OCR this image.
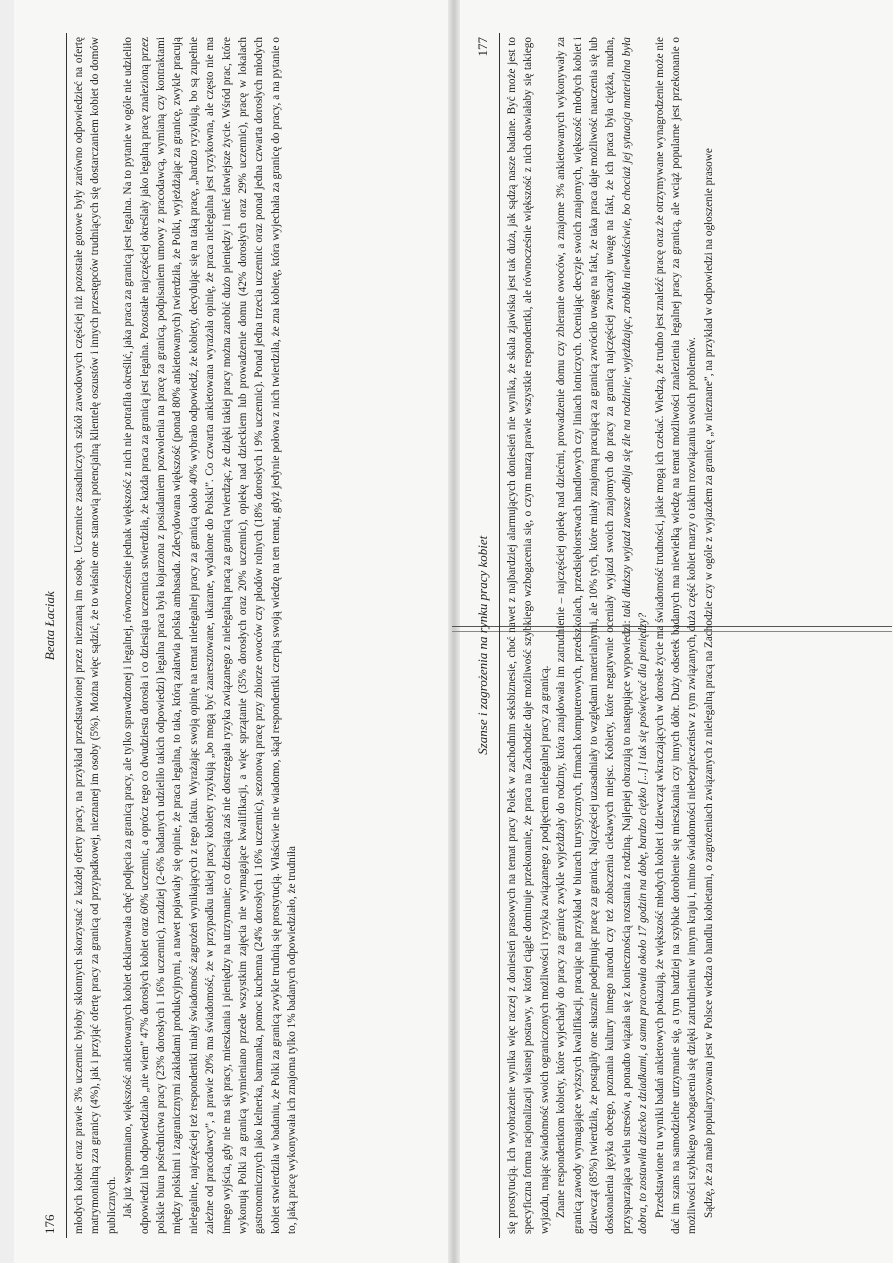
176
Beata Łaciak młodych kobiet oraz prawie 3% uczennic byłoby skłonnych skorzystać z każdej oferty pracy, na przykład przedstawionej przez nieznaną im osobę. Uczennice zasadniczych szkół zawodowych częściej niż pozostałe gotowe były zarówno odpowiedzieć na ofertę matrymonialną zza granicy (4%), jak i przyjąć ofertę pracy za granicą od przypadkowej, nieznanej im osoby (5%). Można więc sądzić, że to właśnie one stanowią potencjalną klientelę oszustów i innych przestępców trudniących się dostarczaniem kobiet do domów publicznych. Jak już wspomniano, większość ankietowanych kobiet deklarowała chęć podjęcia za granicą pracy, ale tylko sprawdzonej i legalnej, równocześnie jednak większość z nich nie potrafiła określić, jaka praca za granicą jest legalna. Na to pytanie w ogóle nie udzieliło odpowiedzi lub odpowiedziało „nie wiem” 47% dorosłych kobiet oraz 60% uczennic, a oprócz tego co dwudziesta dorosła i co dziesiąta uczennica stwierdziła, że każda praca za granicą jest legalna. Pozostałe najczęściej określały jako legalną pracę znalezioną przez polskie biura pośrednictwa pracy (23% dorosłych i 16% uczennic), rzadziej (2-6% badanych udzieliło takich odpowiedzi) legalna praca była kojarzona z posiadaniem pozwolenia na pracę za granicą, podpisaniem umowy z pracodawcą, wymianą czy kontraktami między polskimi i zagranicznymi zakładami produkcyjnymi, a nawet pojawiały się opinie, że praca legalna, to taka, którą załatwia polska ambasada. Zdecydowana większość (ponad 80% ankietowanych) twierdziła, że Polki, wyjeżdżając za granicę, zwykle pracują nielegalnie, najczęściej też respondentki miały świadomość zagrożeń wynikających z tego faktu. Wyrażając swoją opinię na temat nielegalnej pracy za granicą około 40% wybrało odpowiedź, że kobiety, decydując się na taką pracę, „bardzo ryzykują, bo są zupełnie zależne od pracodawcy”, a prawie 20% ma świadomość, że w przypadku takiej pracy kobiety ryzykują „bo mogą być zaaresztowane, ukarane, wydalone do Polski”. Co czwarta ankietowana wyrażała opinię, że praca nielegalna jest ryzykowna, ale często nie ma innego wyjścia, gdy nie ma się pracy, mieszkania i pieniędzy na utrzymanie; co dziesiąta zaś nie dostrzegała ryzyka związanego z nielegalną pracą za granicą twierdząc, że dzięki takiej pracy można zarobić dużo pieniędzy i mieć łatwiejsze życie. Wśród prac, które wykonują Polki za granicą wymieniano przede wszystkim zajęcia nie wymagające kwalifikacji, a więc sprzątanie (35% dorosłych oraz 20% uczennic), opiekę nad dzieckiem lub prowadzenie domu (42% dorosłych oraz 29% uczennic), pracę w lokalach gastronomicznych jako kelnerka, barmanka, pomoc kuchenna (24% dorosłych i 16% uczennic), sezonową pracę przy zbiorze owoców czy płodów rolnych (18% dorosłych i 9% uczennic). Ponad jedna trzecia uczennic oraz ponad jedna czwarta dorosłych młodych kobiet stwierdziła w badaniu, że Polki za granicą zwykle trudnią się prostytucją. Właściwie nie wiadomo, skąd respondentki czerpią swoją wiedzę na ten temat, gdyż jedynie połowa z nich twierdziła, że zna kobietę, która wyjechała za granicę do pracy, a na pytanie o to, jaką pracę wykonywała ich znajoma tylko 1% badanych odpowiedziało, że trudniła

Szanse i zagrożenia na rynku pracy kobiet
177 się prostytucją. Ich wyobrażenie wynika więc raczej z doniesień prasowych na temat pracy Polek w zachodnim seksbiznesie, choć nawet z najbardziej alarmujących doniesień nie wynika, że skala zjawiska jest tak duża, jak sądzą nasze badane. Być może jest to specyficzna forma racjonalizacji własnej postawy, w której ciągle dominuje przekonanie, że praca na Zachodzie daje możliwość szybkiego wzbogacenia się, o czym marzą prawie wszystkie respondentki, ale równocześnie większość z nich obawiałaby się takiego wyjazdu, mając świadomość swoich ograniczonych możliwości i ryzyka związanego z podjęciem nielegalnej pracy za granicą. Znane respondentkom kobiety, które wyjechały do pracy za granicę zwykle wyjeżdżały do rodziny, która znajdowała im zatrudnienie – najczęściej opiekę nad dziećmi, prowadzenie domu czy zbieranie owoców, a znajome 3% ankietowanych wykonywały za granicą zawody wymagające wyższych kwalifikacji, pracując na przykład w biurach turystycznych, firmach komputerowych, przedszkolach, przedsiębiorstwach handlowych czy liniach lotniczych. Oceniając decyzje swoich znajomych, większość młodych kobiet i dziewcząt (85%) twierdziła, że postąpiły one słusznie podejmując pracę za granicą. Najczęściej uzasadniały to względami materialnymi, ale 10% tych, które miały znajomą pracującą za granicą zwróciło uwagę na fakt, że taka praca daje możliwość nauczenia się lub doskonalenia języka obcego, poznania kultury innego narodu czy też zobaczenia ciekawych miejsc. Kobiety, które negatywnie oceniały wyjazd swoich znajomych do pracy za granicą najczęściej zwracały uwagę na fakt, że ich praca była ciężka, nudna, przysparzająca wielu stresów, a ponadto wiązała się z koniecznością rozstania z rodziną. Najlepiej obrazują to następujące wypowiedzi: taki dłuższy wyjazd zawsze odbija się źle na rodzinie; wyjeżdżając, zrobiła niewłaściwie, bo chociaż jej sytuacja materialna była dobra, to zostawiła dziecko z dziadkami, a sama pracowała około 17 godzin na dobę, bardzo ciężko [...] i tak się poświęcać dla pieniędzy? Przedstawione tu wyniki badań ankietowych pokazują, że większość młodych kobiet i dziewcząt wkraczających w dorosłe życie ma świadomość trudności, jakie mogą ich czekać. Wiedzą, że trudno jest znaleźć pracę oraz że otrzymywane wynagrodzenie może nie dać im szans na samodzielne utrzymanie się, a tym bardziej na szybkie dorobienie się mieszkania czy innych dóbr. Duży odsetek badanych ma niewielką wiedzę na temat możliwości znalezienia legalnej pracy za granicą, ale wciąż popularne jest przekonanie o możliwości szybkiego wzbogacenia się dzięki zatrudnieniu w innym kraju i, mimo świadomości niebezpieczeństw z tym związanych, duża część kobiet marzy o takim rozwiązaniu swoich problemów. Sądzę, że za mało popularyzowana jest w Polsce wiedza o handlu kobietami, o zagrożeniach związanych z nielegalną pracą na Zachodzie czy w ogóle z wyjazdem za granicę „w nieznane”, na przykład w odpowiedzi na ogłoszenie prasowe
